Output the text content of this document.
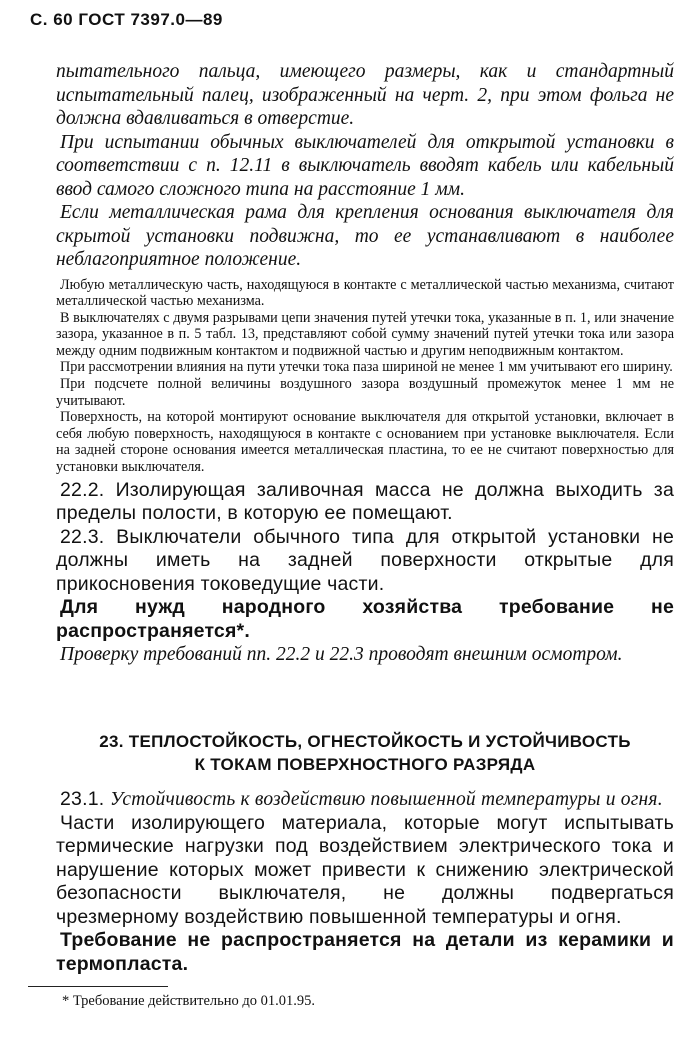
С. 60 ГОСТ 7397.0—89

пытательного пальца, имеющего размеры, как и стандартный испытательный палец, изображенный на черт. 2, при этом фольга не должна вдавливаться в отверстие.

При испытании обычных выключателей для открытой установки в соответствии с п. 12.11 в выключатель вводят кабель или кабельный ввод самого сложного типа на расстояние 1 мм.

Если металлическая рама для крепления основания выключателя для скрытой установки подвижна, то ее устанавливают в наиболее неблагоприятное положение.

Любую металлическую часть, находящуюся в контакте с металлической частью механизма, считают металлической частью механизма.

В выключателях с двумя разрывами цепи значения путей утечки тока, указанные в п. 1, или значение зазора, указанное в п. 5 табл. 13, представляют собой сумму значений путей утечки тока или зазора между одним подвижным контактом и подвижной частью и другим неподвижным контактом.

При рассмотрении влияния на пути утечки тока паза шириной не менее 1 мм учитывают его ширину.

При подсчете полной величины воздушного зазора воздушный промежуток менее 1 мм не учитывают.

Поверхность, на которой монтируют основание выключателя для открытой установки, включает в себя любую поверхность, находящуюся в контакте с основанием при установке выключателя. Если на задней стороне основания имеется металлическая пластина, то ее не считают поверхностью для установки выключателя.

22.2. Изолирующая заливочная масса не должна выходить за пределы полости, в которую ее помещают.

22.3. Выключатели обычного типа для открытой установки не должны иметь на задней поверхности открытые для прикосновения токоведущие части.

Для нужд народного хозяйства требование не распространяется*.

Проверку требований пп. 22.2 и 22.3 проводят внешним осмотром.

23. ТЕПЛОСТОЙКОСТЬ, ОГНЕСТОЙКОСТЬ И УСТОЙЧИВОСТЬ
К ТОКАМ ПОВЕРХНОСТНОГО РАЗРЯДА

23.1. Устойчивость к воздействию повышенной температуры и огня.

Части изолирующего материала, которые могут испытывать термические нагрузки под воздействием электрического тока и нарушение которых может привести к снижению электрической безопасности выключателя, не должны подвергаться чрезмерному воздействию повышенной температуры и огня.

Требование не распространяется на детали из керамики и термопласта.

* Требование действительно до 01.01.95.
